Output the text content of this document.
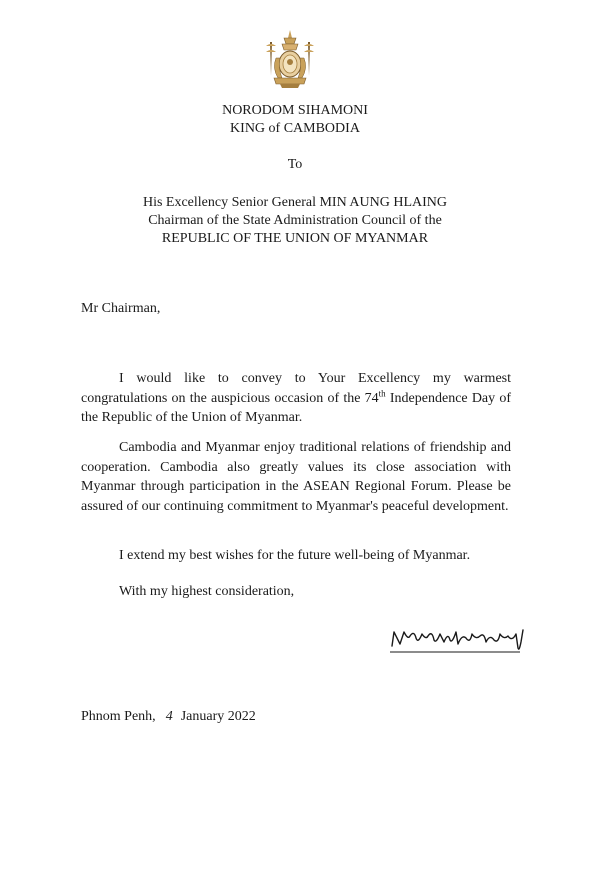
NORODOM SIHAMONI
KING of CAMBODIA
To
His Excellency Senior General MIN AUNG HLAING
Chairman of the State Administration Council of the
REPUBLIC OF THE UNION OF MYANMAR
Mr Chairman,
I would like to convey to Your Excellency my warmest congratulations on the auspicious occasion of the 74th Independence Day of the Republic of the Union of Myanmar.
Cambodia and Myanmar enjoy traditional relations of friendship and cooperation. Cambodia also greatly values its close association with Myanmar through participation in the ASEAN Regional Forum. Please be assured of our continuing commitment to Myanmar's peaceful development.
I extend my best wishes for the future well-being of Myanmar.
With my highest consideration,
Phnom Penh, 4 January 2022
